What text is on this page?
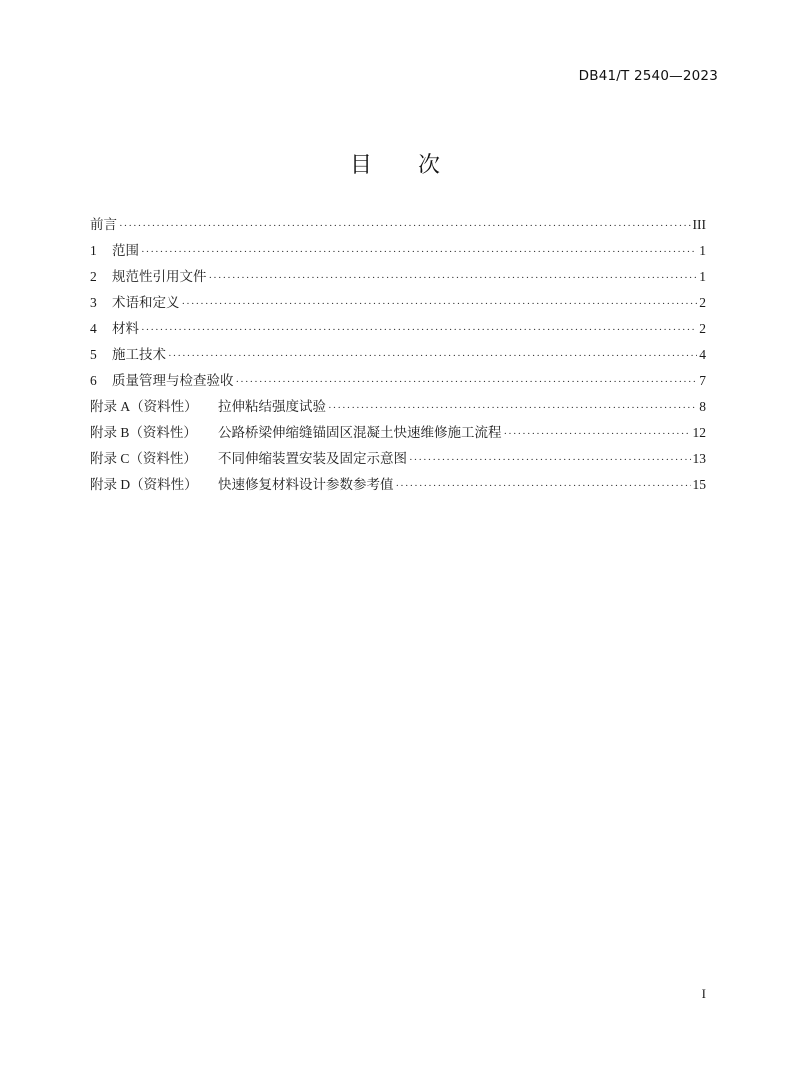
DB41/T 2540—2023
目 次
前言 ·····	III
1	范围 ·····	1
2	规范性引用文件 ·····	1
3	术语和定义 ·····	2
4	材料 ·····	2
5	施工技术 ·····	4
6	质量管理与检查验收 ·····	7
附录 A（资料性）	拉伸粘结强度试验 ·····	8
附录 B（资料性）	公路桥梁伸缩缝锚固区混凝土快速维修施工流程 ·····	12
附录 C（资料性）	不同伸缩装置安装及固定示意图 ·····	13
附录 D（资料性）	快速修复材料设计参数参考值 ·····	15
I
